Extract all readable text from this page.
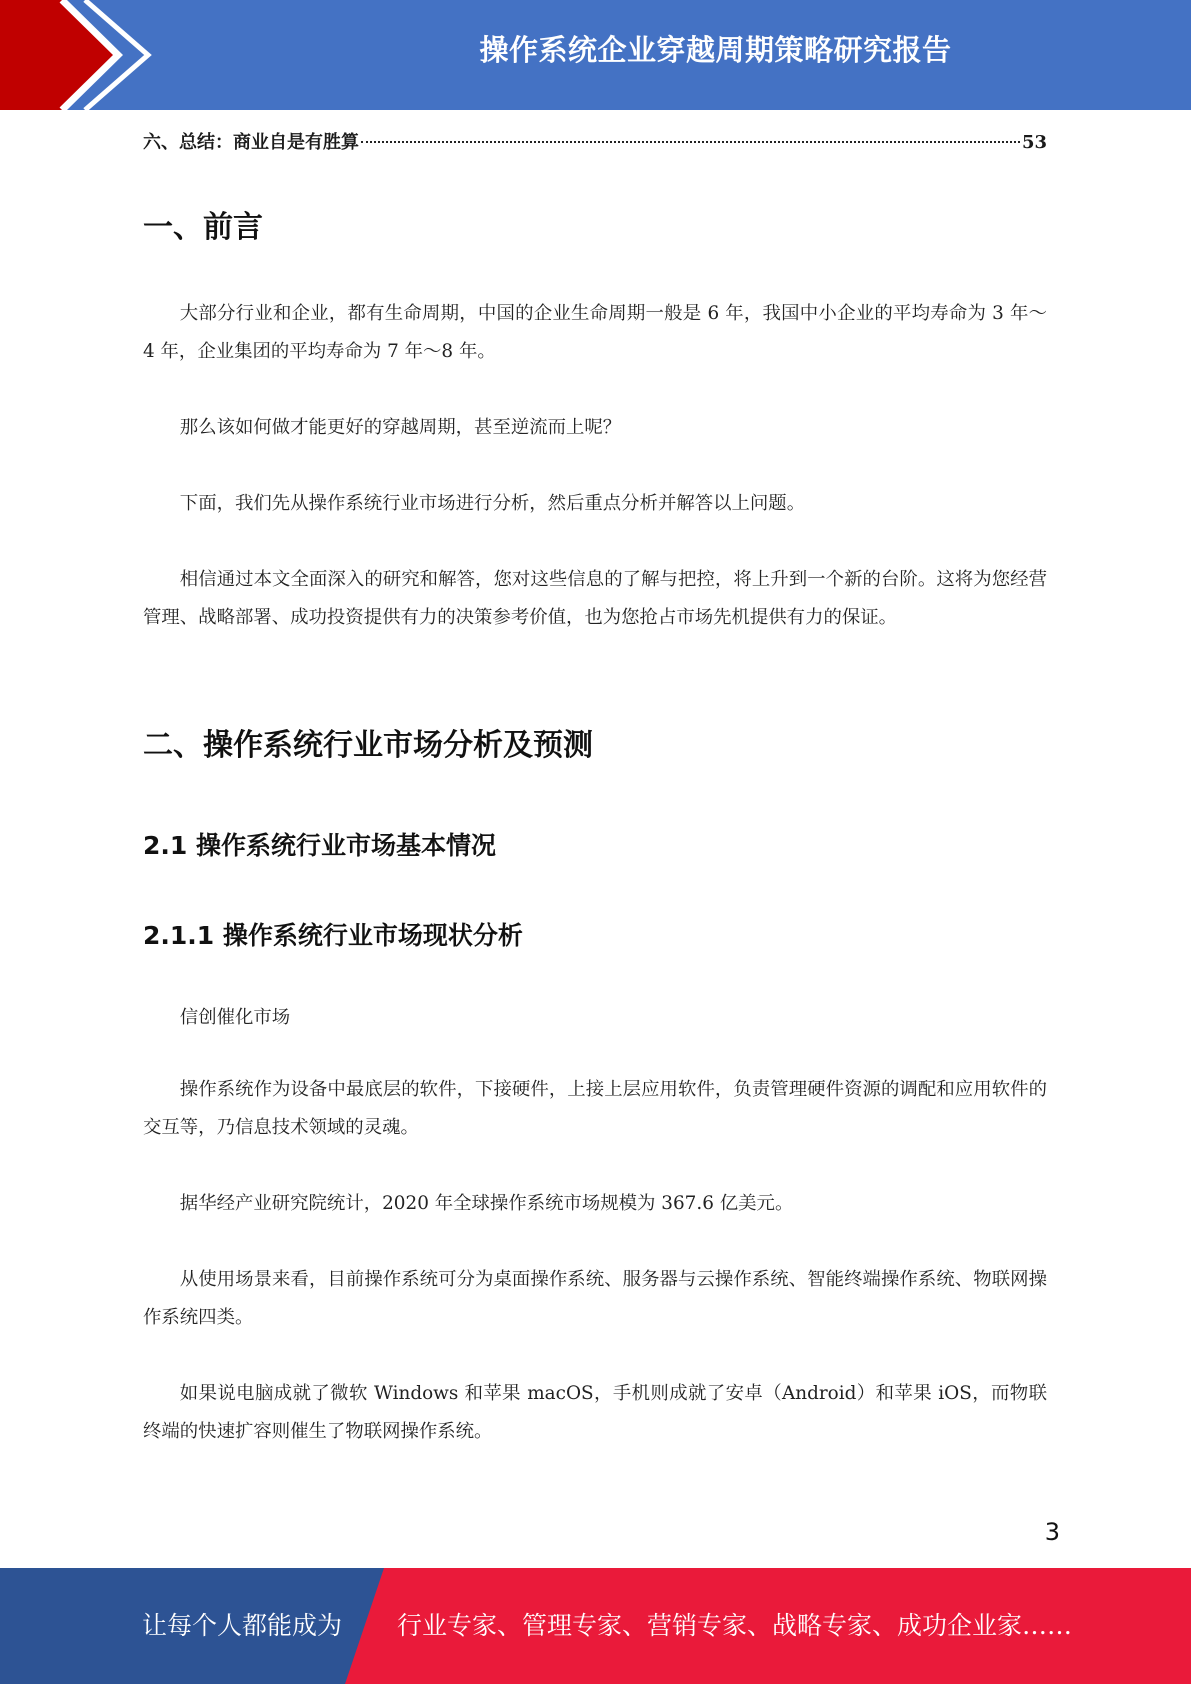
操作系统企业穿越周期策略研究报告
六、总结：商业自是有胜算	53
一、前言

大部分行业和企业，都有生命周期，中国的企业生命周期一般是 6 年，我国中小企业的平均寿命为 3 年～4 年，企业集团的平均寿命为 7 年～8 年。

那么该如何做才能更好的穿越周期，甚至逆流而上呢？

下面，我们先从操作系统行业市场进行分析，然后重点分析并解答以上问题。

相信通过本文全面深入的研究和解答，您对这些信息的了解与把控，将上升到一个新的台阶。这将为您经营管理、战略部署、成功投资提供有力的决策参考价值，也为您抢占市场先机提供有力的保证。

二、操作系统行业市场分析及预测
2.1 操作系统行业市场基本情况
2.1.1 操作系统行业市场现状分析

信创催化市场

操作系统作为设备中最底层的软件，下接硬件，上接上层应用软件，负责管理硬件资源的调配和应用软件的交互等，乃信息技术领域的灵魂。

据华经产业研究院统计，2020 年全球操作系统市场规模为 367.6 亿美元。

从使用场景来看，目前操作系统可分为桌面操作系统、服务器与云操作系统、智能终端操作系统、物联网操作系统四类。

如果说电脑成就了微软 Windows 和苹果 macOS，手机则成就了安卓（Android）和苹果 iOS，而物联终端的快速扩容则催生了物联网操作系统。

3
让每个人都能成为 行业专家、管理专家、营销专家、战略专家、成功企业家……
